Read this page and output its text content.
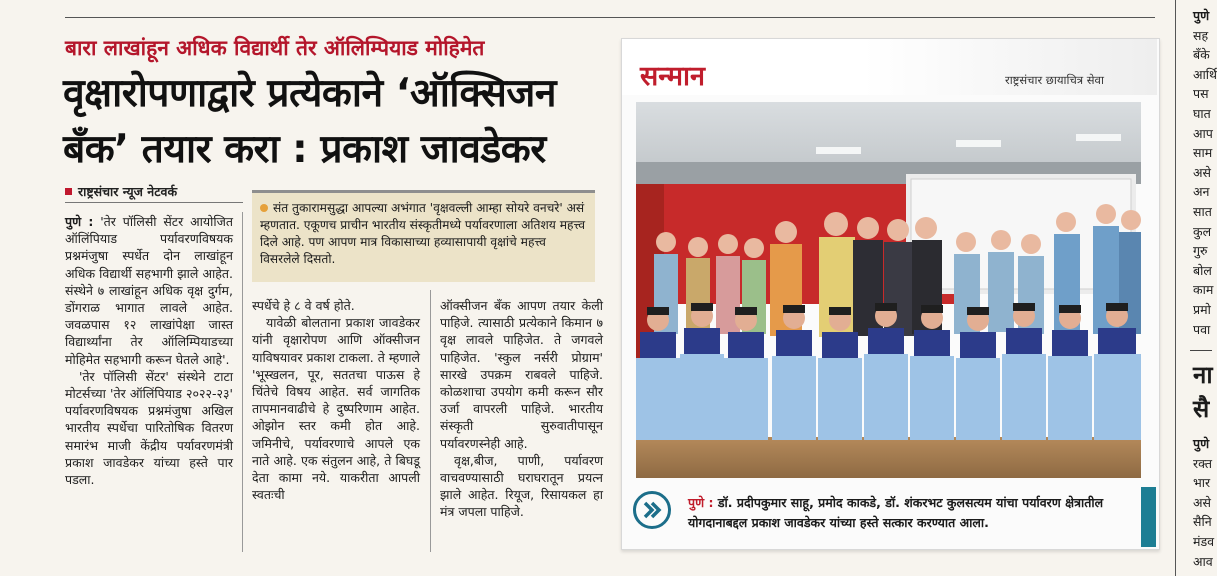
बारा लाखांहून अधिक विद्यार्थी तेर ऑलिम्पियाड मोहिमेत
वृक्षारोपणाद्वारे प्रत्येकाने ‘ऑक्सिजन
बँक’ तयार करा : प्रकाश जावडेकर
राष्ट्रसंचार न्यूज नेटवर्क

पुणे : 'तेर पॉलिसी सेंटर आयोजित ऑलिंपियाड पर्यावरणविषयक प्रश्नमंजुषा स्पर्धेत दोन लाखांहून अधिक विद्यार्थी सहभागी झाले आहेत. संस्थेने ७ लाखांहून अधिक वृक्ष दुर्गम, डोंगराळ भागात लावले आहेत. जवळपास १२ लाखांपेक्षा जास्त विद्यार्थ्यांना तेर ऑलिम्पियाडच्या मोहिमेत सहभागी करून घेतले आहे'.

'तेर पॉलिसी सेंटर' संस्थेने टाटा मोटर्सच्या 'तेर ऑलिंपियाड २०२२-२३' पर्यावरणविषयक प्रश्नमंजुषा अखिल भारतीय स्पर्धेचा पारितोषिक वितरण समारंभ माजी केंद्रीय पर्यावरणमंत्री प्रकाश जावडेकर यांच्या हस्ते पार पडला.

संत तुकारामसुद्धा आपल्या अभंगात 'वृक्षवल्ली आम्हा सोयरे वनचरे' असं म्हणतात. एकूणच प्राचीन भारतीय संस्कृतीमध्ये पर्यावरणाला अतिशय महत्त्व दिले आहे. पण आपण मात्र विकासाच्या हव्यासापायी वृक्षांचे महत्त्व विसरलेले दिसतो.

स्पर्धेचे हे ८ वे वर्ष होते.

यावेळी बोलताना प्रकाश जावडेकर यांनी वृक्षारोपण आणि ऑक्सीजन याविषयावर प्रकाश टाकला. ते म्हणाले 'भूस्खलन, पूर, सततचा पाऊस हे चिंतेचे विषय आहेत. सर्व जागतिक तापमानवाढीचे हे दुष्परिणाम आहेत. ओझोन स्तर कमी होत आहे. जमिनीचे, पर्यावरणाचे आपले एक नाते आहे. एक संतुलन आहे, ते बिघडू देता कामा नये. याकरीता आपली स्वतःची

ऑक्सीजन बँक आपण तयार केली पाहिजे. त्यासाठी प्रत्येकाने किमान ७ वृक्ष लावले पाहिजेत. ते जगवले पाहिजेत. 'स्कुल नर्सरी प्रोग्राम' सारखे उपक्रम राबवले पाहिजे. कोळशाचा उपयोग कमी करून सौर उर्जा वापरली पाहिजे. भारतीय संस्कृती सुरुवातीपासून पर्यावरणस्नेही आहे.

वृक्ष,बीज, पाणी, पर्यावरण वाचवण्यासाठी घराघरातून प्रयत्न झाले आहेत. रियूज, रिसायकल हा मंत्र जपला पाहिजे.

सन्मान	राष्ट्रसंचार छायाचित्र सेवा
पुणे : डॉ. प्रदीपकुमार साहू, प्रमोद काकडे, डॉ. शंकरभट कुलसत्यम यांचा पर्यावरण क्षेत्रातील योगदानाबद्दल प्रकाश जावडेकर यांच्या हस्ते सत्कार करण्यात आला.
पुणे
सह
बँके
आर्थि
पस
घात
आप
साम
असे
अन
सात
कुल
गुरु
बोल
काम
प्रमो
पवा
ना
सै
पुणे
रक्त
भार
असे
सैनि
मंडव
आव
